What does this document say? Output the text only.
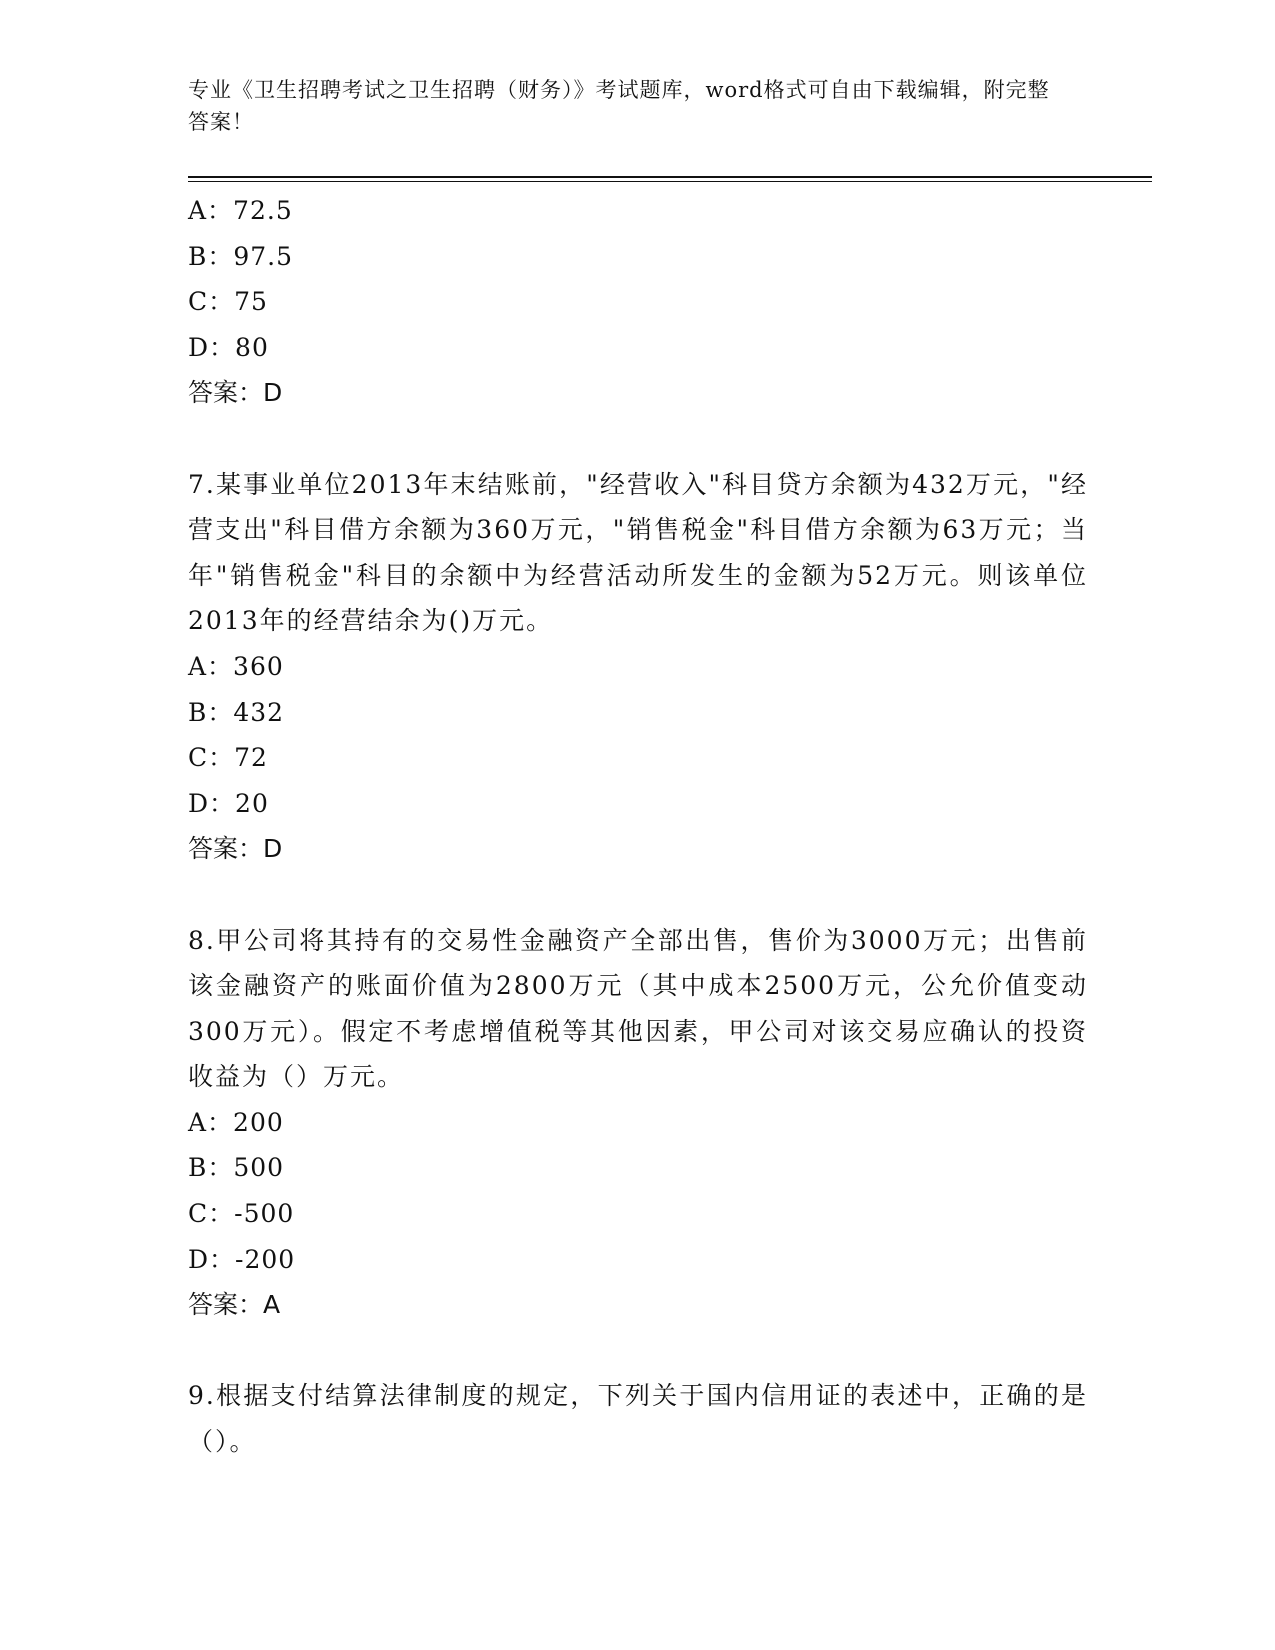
专业《卫生招聘考试之卫生招聘（财务）》考试题库，word格式可自由下载编辑，附完整答案！
A：72.5
B：97.5
C：75
D：80
答案：D
7.某事业单位2013年末结账前，"经营收入"科目贷方余额为432万元，"经营支出"科目借方余额为360万元，"销售税金"科目借方余额为63万元；当年"销售税金"科目的余额中为经营活动所发生的金额为52万元。则该单位2013年的经营结余为()万元。
A：360
B：432
C：72
D：20
答案：D
8.甲公司将其持有的交易性金融资产全部出售，售价为3000万元；出售前该金融资产的账面价值为2800万元（其中成本2500万元，公允价值变动300万元）。假定不考虑增值税等其他因素，甲公司对该交易应确认的投资收益为（）万元。
A：200
B：500
C：-500
D：-200
答案：A
9.根据支付结算法律制度的规定，下列关于国内信用证的表述中，正确的是（）。
